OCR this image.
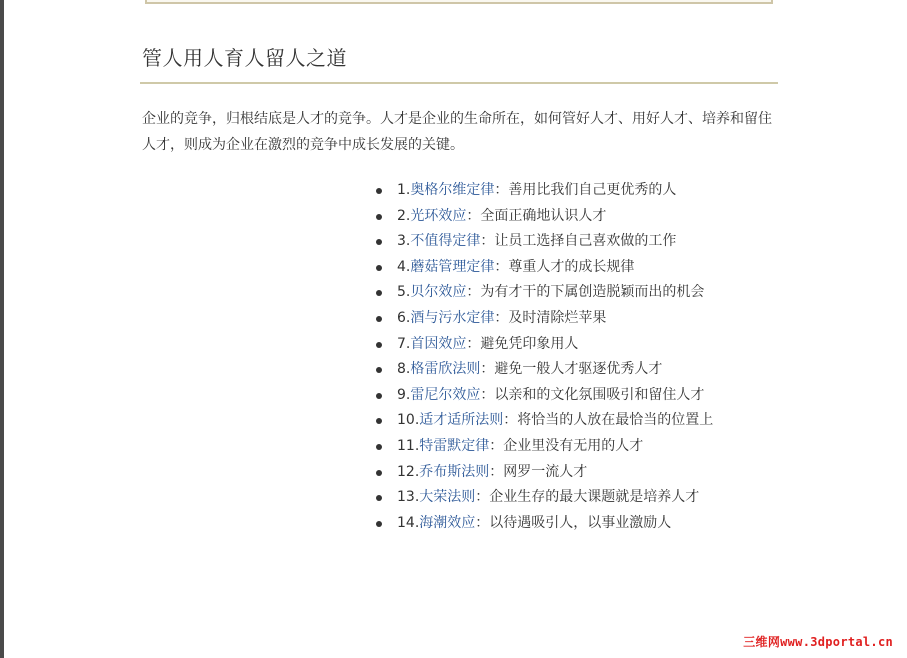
管人用人育人留人之道

企业的竞争，归根结底是人才的竞争。人才是企业的生命所在，如何管好人才、用好人才、培养和留住人才，则成为企业在激烈的竞争中成长发展的关键。

1.奥格尔维定律：善用比我们自己更优秀的人
2.光环效应：全面正确地认识人才
3.不值得定律：让员工选择自己喜欢做的工作
4.蘑菇管理定律：尊重人才的成长规律
5.贝尔效应：为有才干的下属创造脱颖而出的机会
6.酒与污水定律：及时清除烂苹果
7.首因效应：避免凭印象用人
8.格雷欣法则：避免一般人才驱逐优秀人才
9.雷尼尔效应：以亲和的文化氛围吸引和留住人才
10.适才适所法则：将恰当的人放在最恰当的位置上
11.特雷默定律：企业里没有无用的人才
12.乔布斯法则：网罗一流人才
13.大荣法则：企业生存的最大课题就是培养人才
14.海潮效应：以待遇吸引人，以事业激励人
三维网www.3dportal.cn
